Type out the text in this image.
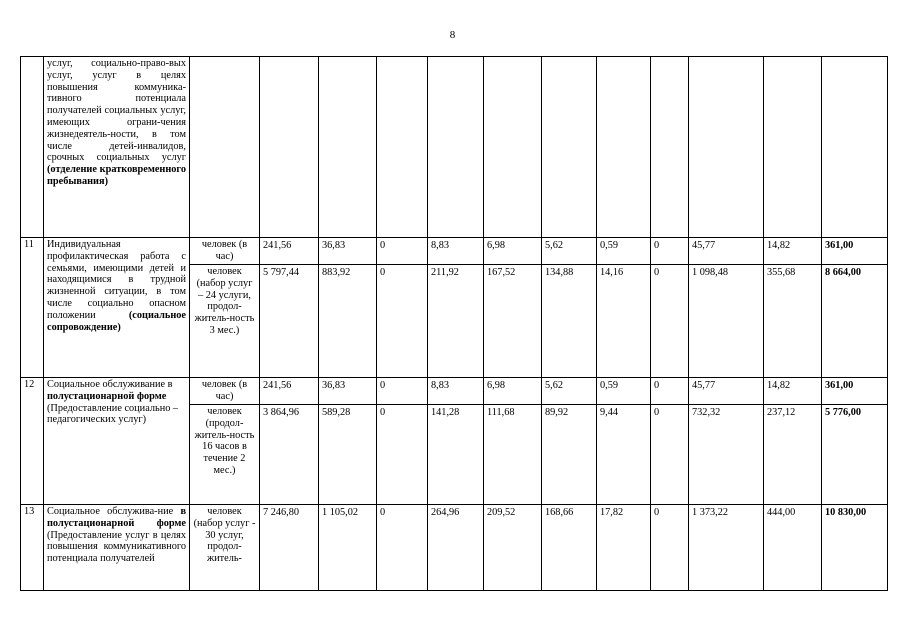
8
	услуг, социально-право-вых услуг, услуг в целях повышения коммуника-тивного потенциала получателей социальных услуг, имеющих ограни-чения жизнедеятель-ности, в том числе детей-инвалидов, срочных социальных услуг (отделение кратковременного пребывания)												
11	Индивидуальная профилактическая работа с семьями, имеющими детей и находящимися в трудной жизненной ситуации, в том числе социально опасном положении (социальное сопровождение)	человек (в час)	241,56	36,83	0	8,83	6,98	5,62	0,59	0	45,77	14,82	361,00
		человек (набор услуг – 24 услуги, продол-житель-ность 3 мес.)	5 797,44	883,92	0	211,92	167,52	134,88	14,16	0	1 098,48	355,68	8 664,00
12	Социальное обслуживание в полустационарной форме (Предоставление социально – педагогических услуг)	человек (в час)	241,56	36,83	0	8,83	6,98	5,62	0,59	0	45,77	14,82	361,00
		человек (продол-житель-ность 16 часов в течение 2 мес.)	3 864,96	589,28	0	141,28	111,68	89,92	9,44	0	732,32	237,12	5 776,00
13	Социальное обслужива-ние в полустационарной форме (Предоставление услуг в целях повышения коммуникативного потенциала получателей	человек (набор услуг - 30 услуг, продол-житель-	7 246,80	1 105,02	0	264,96	209,52	168,66	17,82	0	1 373,22	444,00	10 830,00
